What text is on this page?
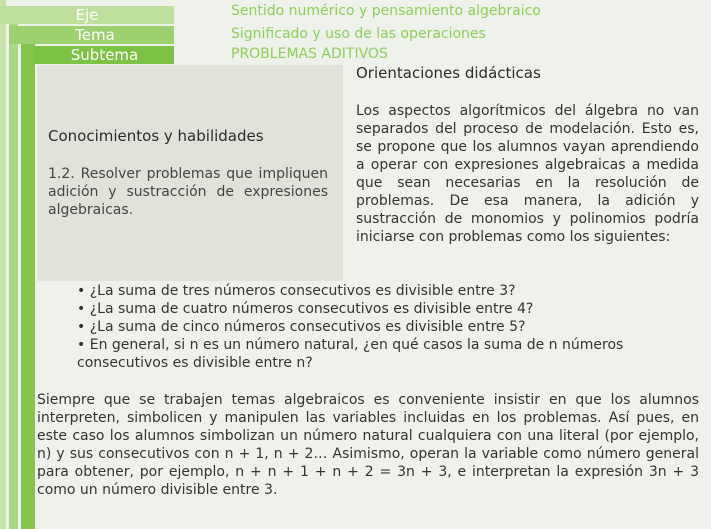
Eje	Sentido numérico y pensamiento algebraico
Tema	Significado y uso de las operaciones
Subtema	PROBLEMAS ADITIVOS
Conocimientos y habilidades
1.2. Resolver problemas que impliquen adición y sustracción de expresiones algebraicas.
Orientaciones didácticas
Los aspectos algorítmicos del álgebra no van separados del proceso de modelación. Esto es, se propone que los alumnos vayan aprendiendo a operar con expresiones algebraicas a medida que sean necesarias en la resolución de problemas. De esa manera, la adición y sustracción de monomios y polinomios podría iniciarse con problemas como los siguientes:
• ¿La suma de tres números consecutivos es divisible entre 3?
• ¿La suma de cuatro números consecutivos es divisible entre 4?
• ¿La suma de cinco números consecutivos es divisible entre 5?
• En general, si n es un número natural, ¿en qué casos la suma de n números consecutivos es divisible entre n?
Siempre que se trabajen temas algebraicos es conveniente insistir en que los alumnos interpreten, simbolicen y manipulen las variables incluidas en los problemas. Así pues, en este caso los alumnos simbolizan un número natural cualquiera con una literal (por ejemplo, n) y sus consecutivos con n + 1, n + 2… Asimismo, operan la variable como número general para obtener, por ejemplo, n + n + 1 + n + 2 = 3n + 3, e interpretan la expresión 3n + 3 como un número divisible entre 3.
